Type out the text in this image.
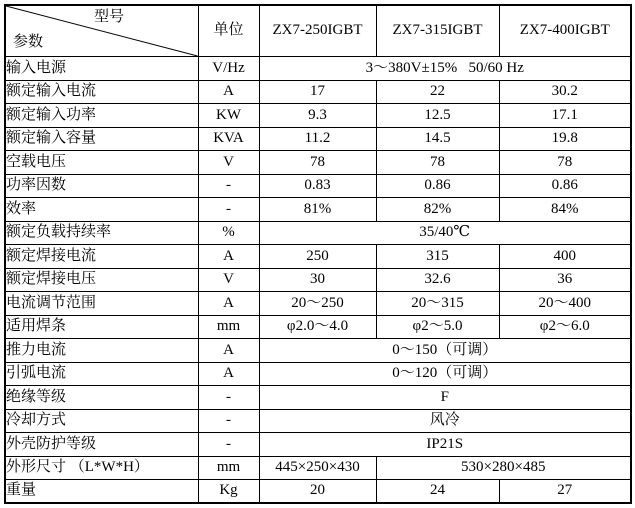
型号
参数	单位	ZX7-250IGBT	ZX7-315IGBT	ZX7-400IGBT
输入电源	V/Hz	3～380V±15%   50/60 Hz		
额定输入电流	A	17	22	30.2
额定输入功率	KW	9.3	12.5	17.1
额定输入容量	KVA	11.2	14.5	19.8
空载电压	V	78	78	78
功率因数	-	0.83	0.86	0.86
效率	-	81%	82%	84%
额定负载持续率	%	35/40℃		
额定焊接电流	A	250	315	400
额定焊接电压	V	30	32.6	36
电流调节范围	A	20～250	20～315	20～400
适用焊条	mm	φ2.0～4.0	φ2～5.0	φ2～6.0
推力电流	A	0～150（可调）		
引弧电流	A	0～120（可调）		
绝缘等级	-	F		
冷却方式	-	风冷		
外壳防护等级	-	IP21S		
外形尺寸 （L*W*H）	mm	445×250×430	530×280×485	
重量	Kg	20	24	27
